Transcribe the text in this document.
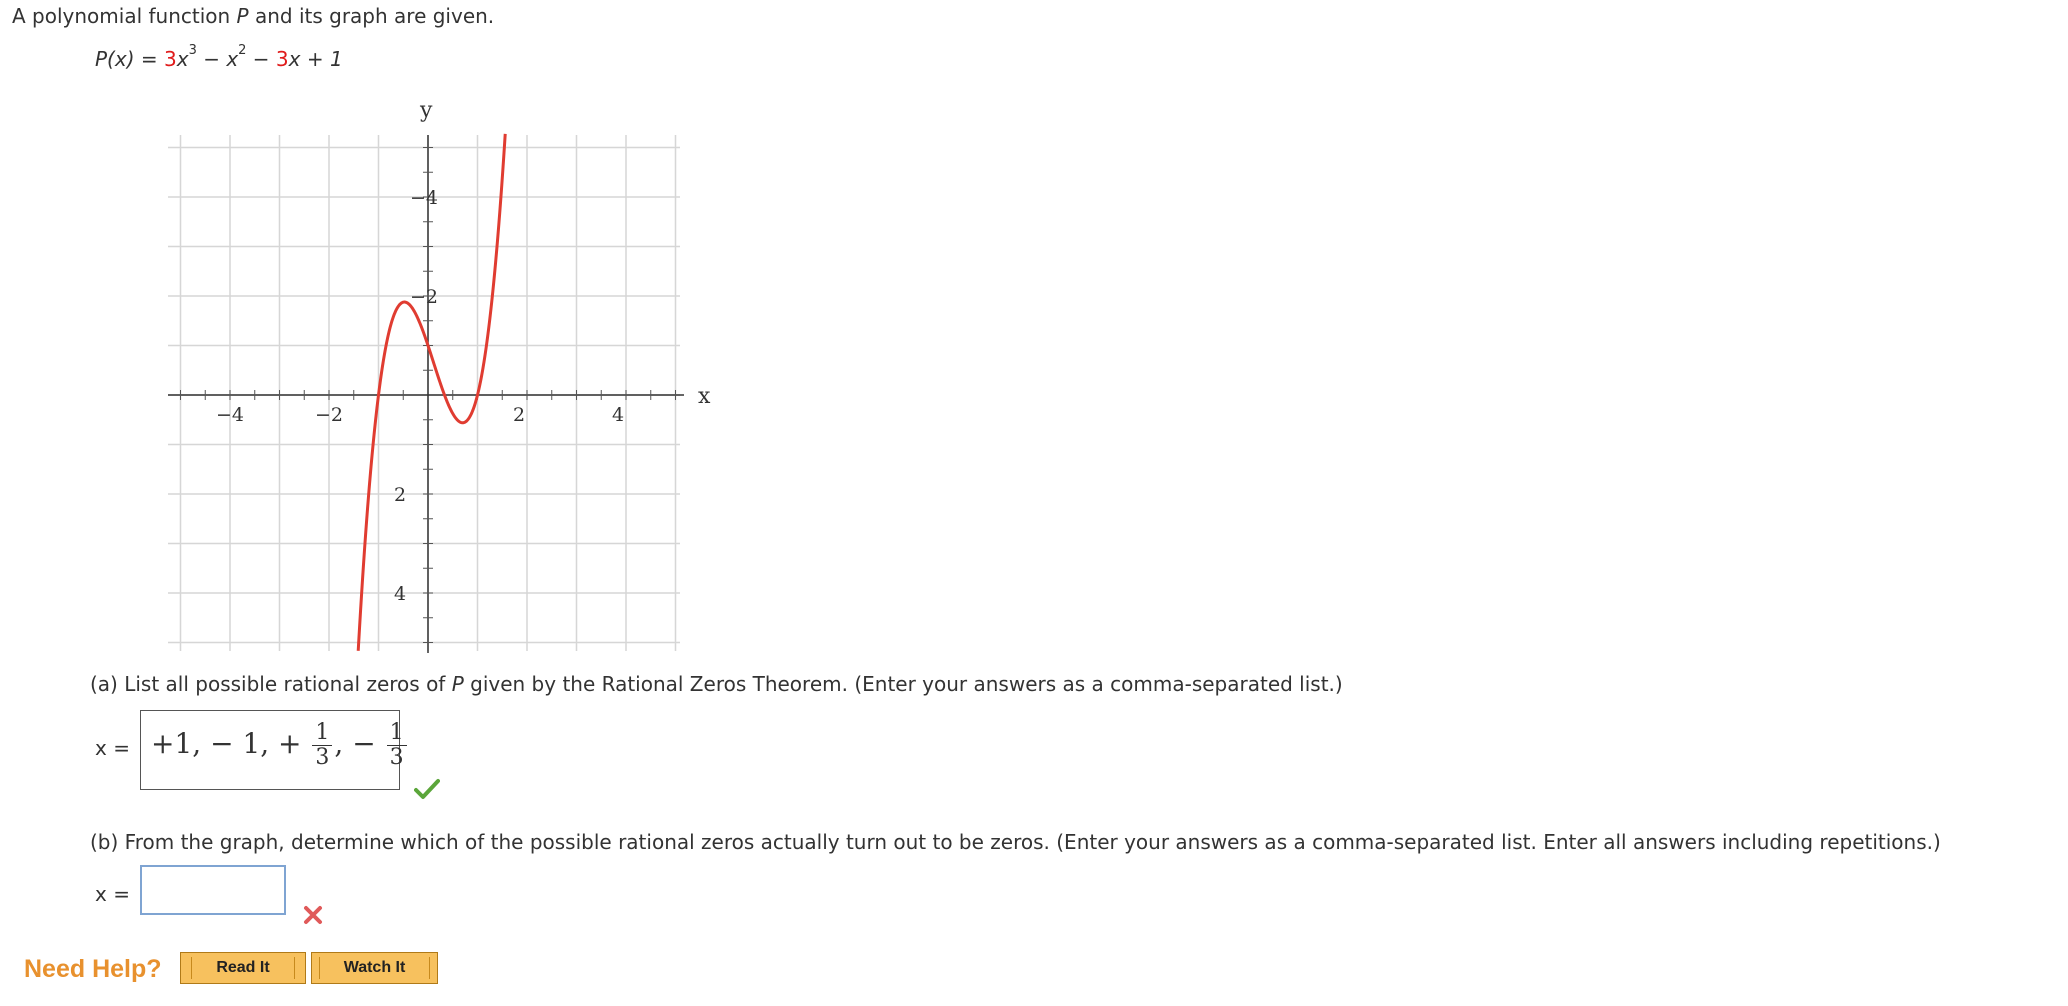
A polynomial function P and its graph are given.
$P(x) = 3x^3 - x^2 - 3x + 1$
x
y
−4	−2	2	4
4
2
−2
−4
(a) List all possible rational zeros of P given by the Rational Zeros Theorem. (Enter your answers as a comma-separated list.)
x = +1, − 1, + $\frac{1}{3}$ , − $\frac{1}{3}$
(b) From the graph, determine which of the possible rational zeros actually turn out to be zeros. (Enter your answers as a comma-separated list. Enter all answers including repetitions.)
x =
Need Help?	Read It	Watch It
